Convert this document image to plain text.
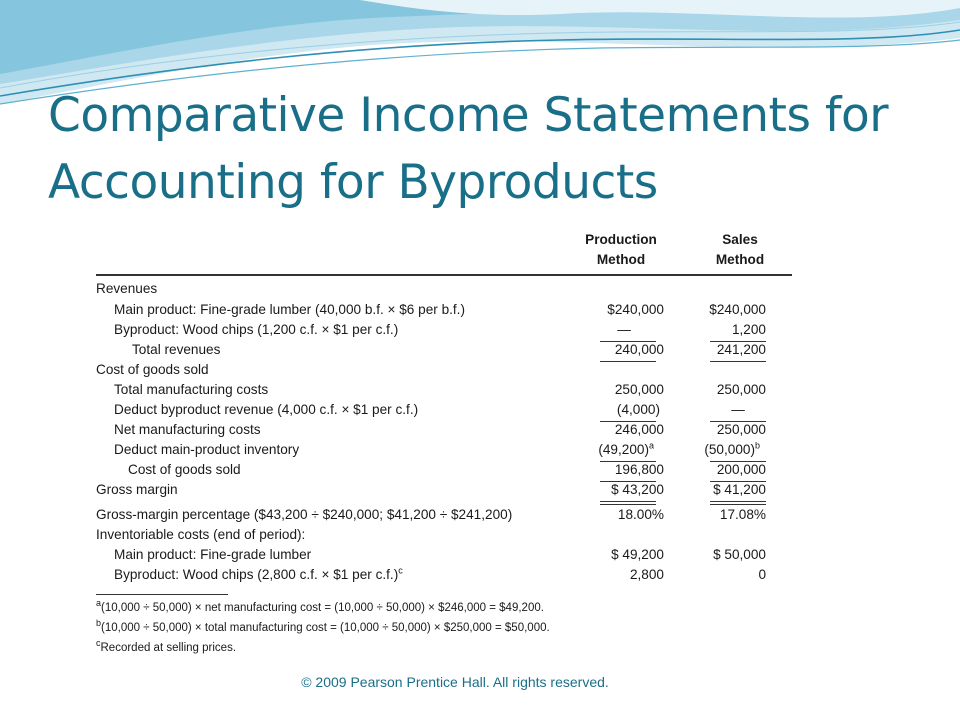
Comparative Income Statements for
Accounting for Byproducts
Production
Method
Sales
Method
Revenues
Main product: Fine-grade lumber (40,000 b.f. × $6 per b.f.)	$240,000	$240,000
Byproduct: Wood chips (1,200 c.f. × $1 per c.f.)	—	1,200
Total revenues	240,000	241,200
Cost of goods sold
Total manufacturing costs	250,000	250,000
Deduct byproduct revenue (4,000 c.f. × $1 per c.f.)	(4,000)	—
Net manufacturing costs	246,000	250,000
Deduct main-product inventory	$(49,200)^a$	$(50,000)^b$
Cost of goods sold	196,800	200,000
Gross margin	$ 43,200	$ 41,200
Gross-margin percentage ($43,200 ÷ $240,000; $41,200 ÷ $241,200)	18.00%	17.08%
Inventoriable costs (end of period):
Main product: Fine-grade lumber	$ 49,200	$ 50,000
Byproduct: Wood chips (2,800 c.f. × $1 per c.f.)$^c$	2,800	0
$^a$(10,000 ÷ 50,000) × net manufacturing cost = (10,000 ÷ 50,000) × $246,000 = $49,200.
$^b$(10,000 ÷ 50,000) × total manufacturing cost = (10,000 ÷ 50,000) × $250,000 = $50,000.
$^c$Recorded at selling prices.
© 2009 Pearson Prentice Hall. All rights reserved.
